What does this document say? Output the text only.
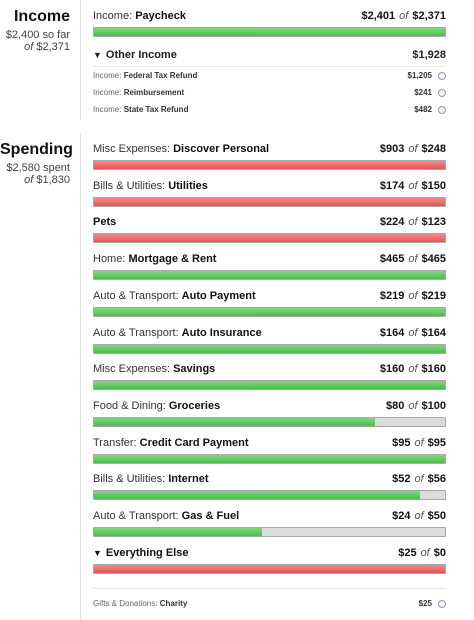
Income
$2,400 so far
of $2,371
Income: Paycheck	$2,401 of $2,371
▼ Other Income	$1,928
Income: Federal Tax Refund	$1,205
Income: Reimbursement	$241
Income: State Tax Refund	$482
Spending
$2,580 spent
of $1,830
Misc Expenses: Discover Personal	$903 of $248
Bills & Utilities: Utilities	$174 of $150
Pets	$224 of $123
Home: Mortgage & Rent	$465 of $465
Auto & Transport: Auto Payment	$219 of $219
Auto & Transport: Auto Insurance	$164 of $164
Misc Expenses: Savings	$160 of $160
Food & Dining: Groceries	$80 of $100
Transfer: Credit Card Payment	$95 of $95
Bills & Utilities: Internet	$52 of $56
Auto & Transport: Gas & Fuel	$24 of $50
▼ Everything Else	$25 of $0
Gifts & Donations: Charity	$25
